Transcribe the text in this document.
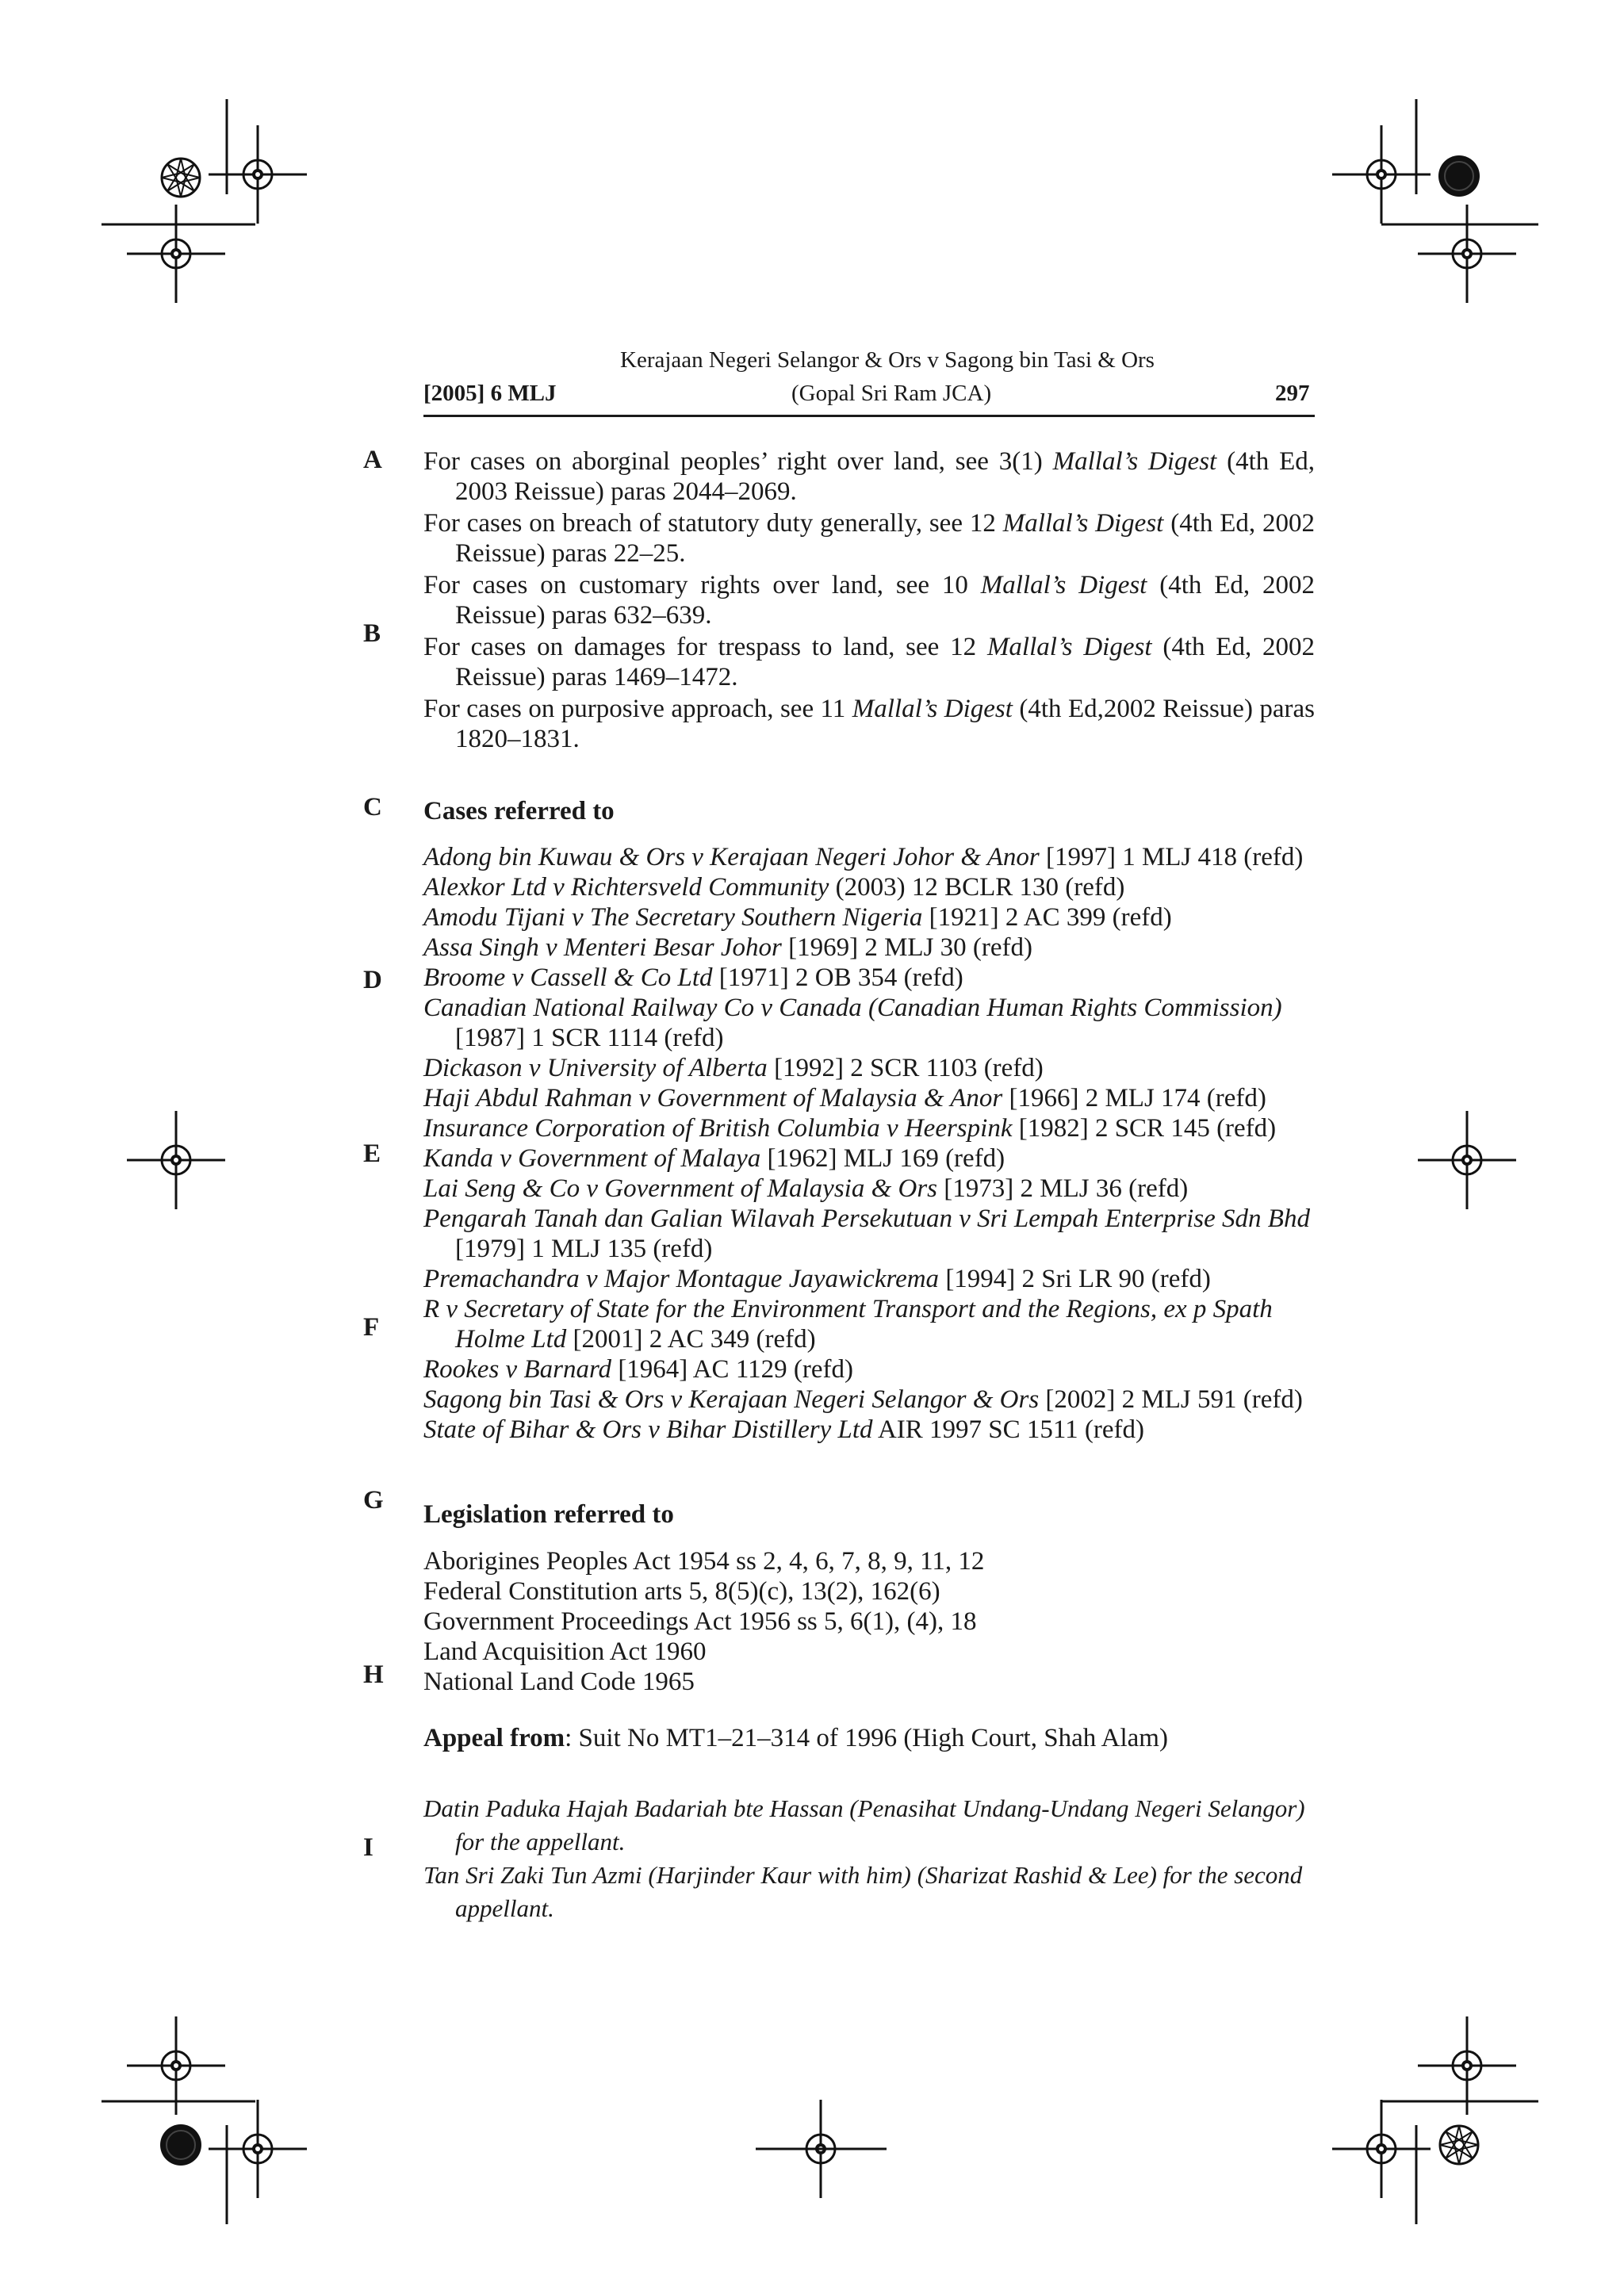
Kerajaan Negeri Selangor & Ors v Sagong bin Tasi & Ors
[2005] 6 MLJ	(Gopal Sri Ram JCA)	297
A
B
C
D
E
F
G
H
I

For cases on aborginal peoples’ right over land, see 3(1) Mallal’s Digest (4th Ed, 2003 Reissue) paras 2044–2069.

For cases on breach of statutory duty generally, see 12 Mallal’s Digest (4th Ed, 2002 Reissue) paras 22–25.

For cases on customary rights over land, see 10 Mallal’s Digest (4th Ed, 2002 Reissue) paras 632–639.

For cases on damages for trespass to land, see 12 Mallal’s Digest (4th Ed, 2002 Reissue) paras 1469–1472.

For cases on purposive approach, see 11 Mallal’s Digest (4th Ed,2002 Reissue) paras 1820–1831.

Cases referred to

Adong bin Kuwau & Ors v Kerajaan Negeri Johor & Anor [1997] 1 MLJ 418 (refd)

Alexkor Ltd v Richtersveld Community (2003) 12 BCLR 130 (refd)

Amodu Tijani v The Secretary Southern Nigeria [1921] 2 AC 399 (refd)

Assa Singh v Menteri Besar Johor [1969] 2 MLJ 30 (refd)

Broome v Cassell & Co Ltd [1971] 2 OB 354 (refd)

Canadian National Railway Co v Canada (Canadian Human Rights Commission) [1987] 1 SCR 1114 (refd)

Dickason v University of Alberta [1992] 2 SCR 1103 (refd)

Haji Abdul Rahman v Government of Malaysia & Anor [1966] 2 MLJ 174 (refd)

Insurance Corporation of British Columbia v Heerspink [1982] 2 SCR 145 (refd)

Kanda v Government of Malaya [1962] MLJ 169 (refd)

Lai Seng & Co v Government of Malaysia & Ors [1973] 2 MLJ 36 (refd)

Pengarah Tanah dan Galian Wilavah Persekutuan v Sri Lempah Enterprise Sdn Bhd [1979] 1 MLJ 135 (refd)

Premachandra v Major Montague Jayawickrema [1994] 2 Sri LR 90 (refd)

R v Secretary of State for the Environment Transport and the Regions, ex p Spath Holme Ltd [2001] 2 AC 349 (refd)

Rookes v Barnard [1964] AC 1129 (refd)

Sagong bin Tasi & Ors v Kerajaan Negeri Selangor & Ors [2002] 2 MLJ 591 (refd)

State of Bihar & Ors v Bihar Distillery Ltd AIR 1997 SC 1511 (refd)

Legislation referred to

Aborigines Peoples Act 1954 ss 2, 4, 6, 7, 8, 9, 11, 12

Federal Constitution arts 5, 8(5)(c), 13(2), 162(6)

Government Proceedings Act 1956 ss 5, 6(1), (4), 18

Land Acquisition Act 1960

National Land Code 1965

Appeal from: Suit No MT1–21–314 of 1996 (High Court, Shah Alam)

Datin Paduka Hajah Badariah bte Hassan (Penasihat Undang-Undang Negeri Selangor) for the appellant.

Tan Sri Zaki Tun Azmi (Harjinder Kaur with him) (Sharizat Rashid & Lee) for the second appellant.
